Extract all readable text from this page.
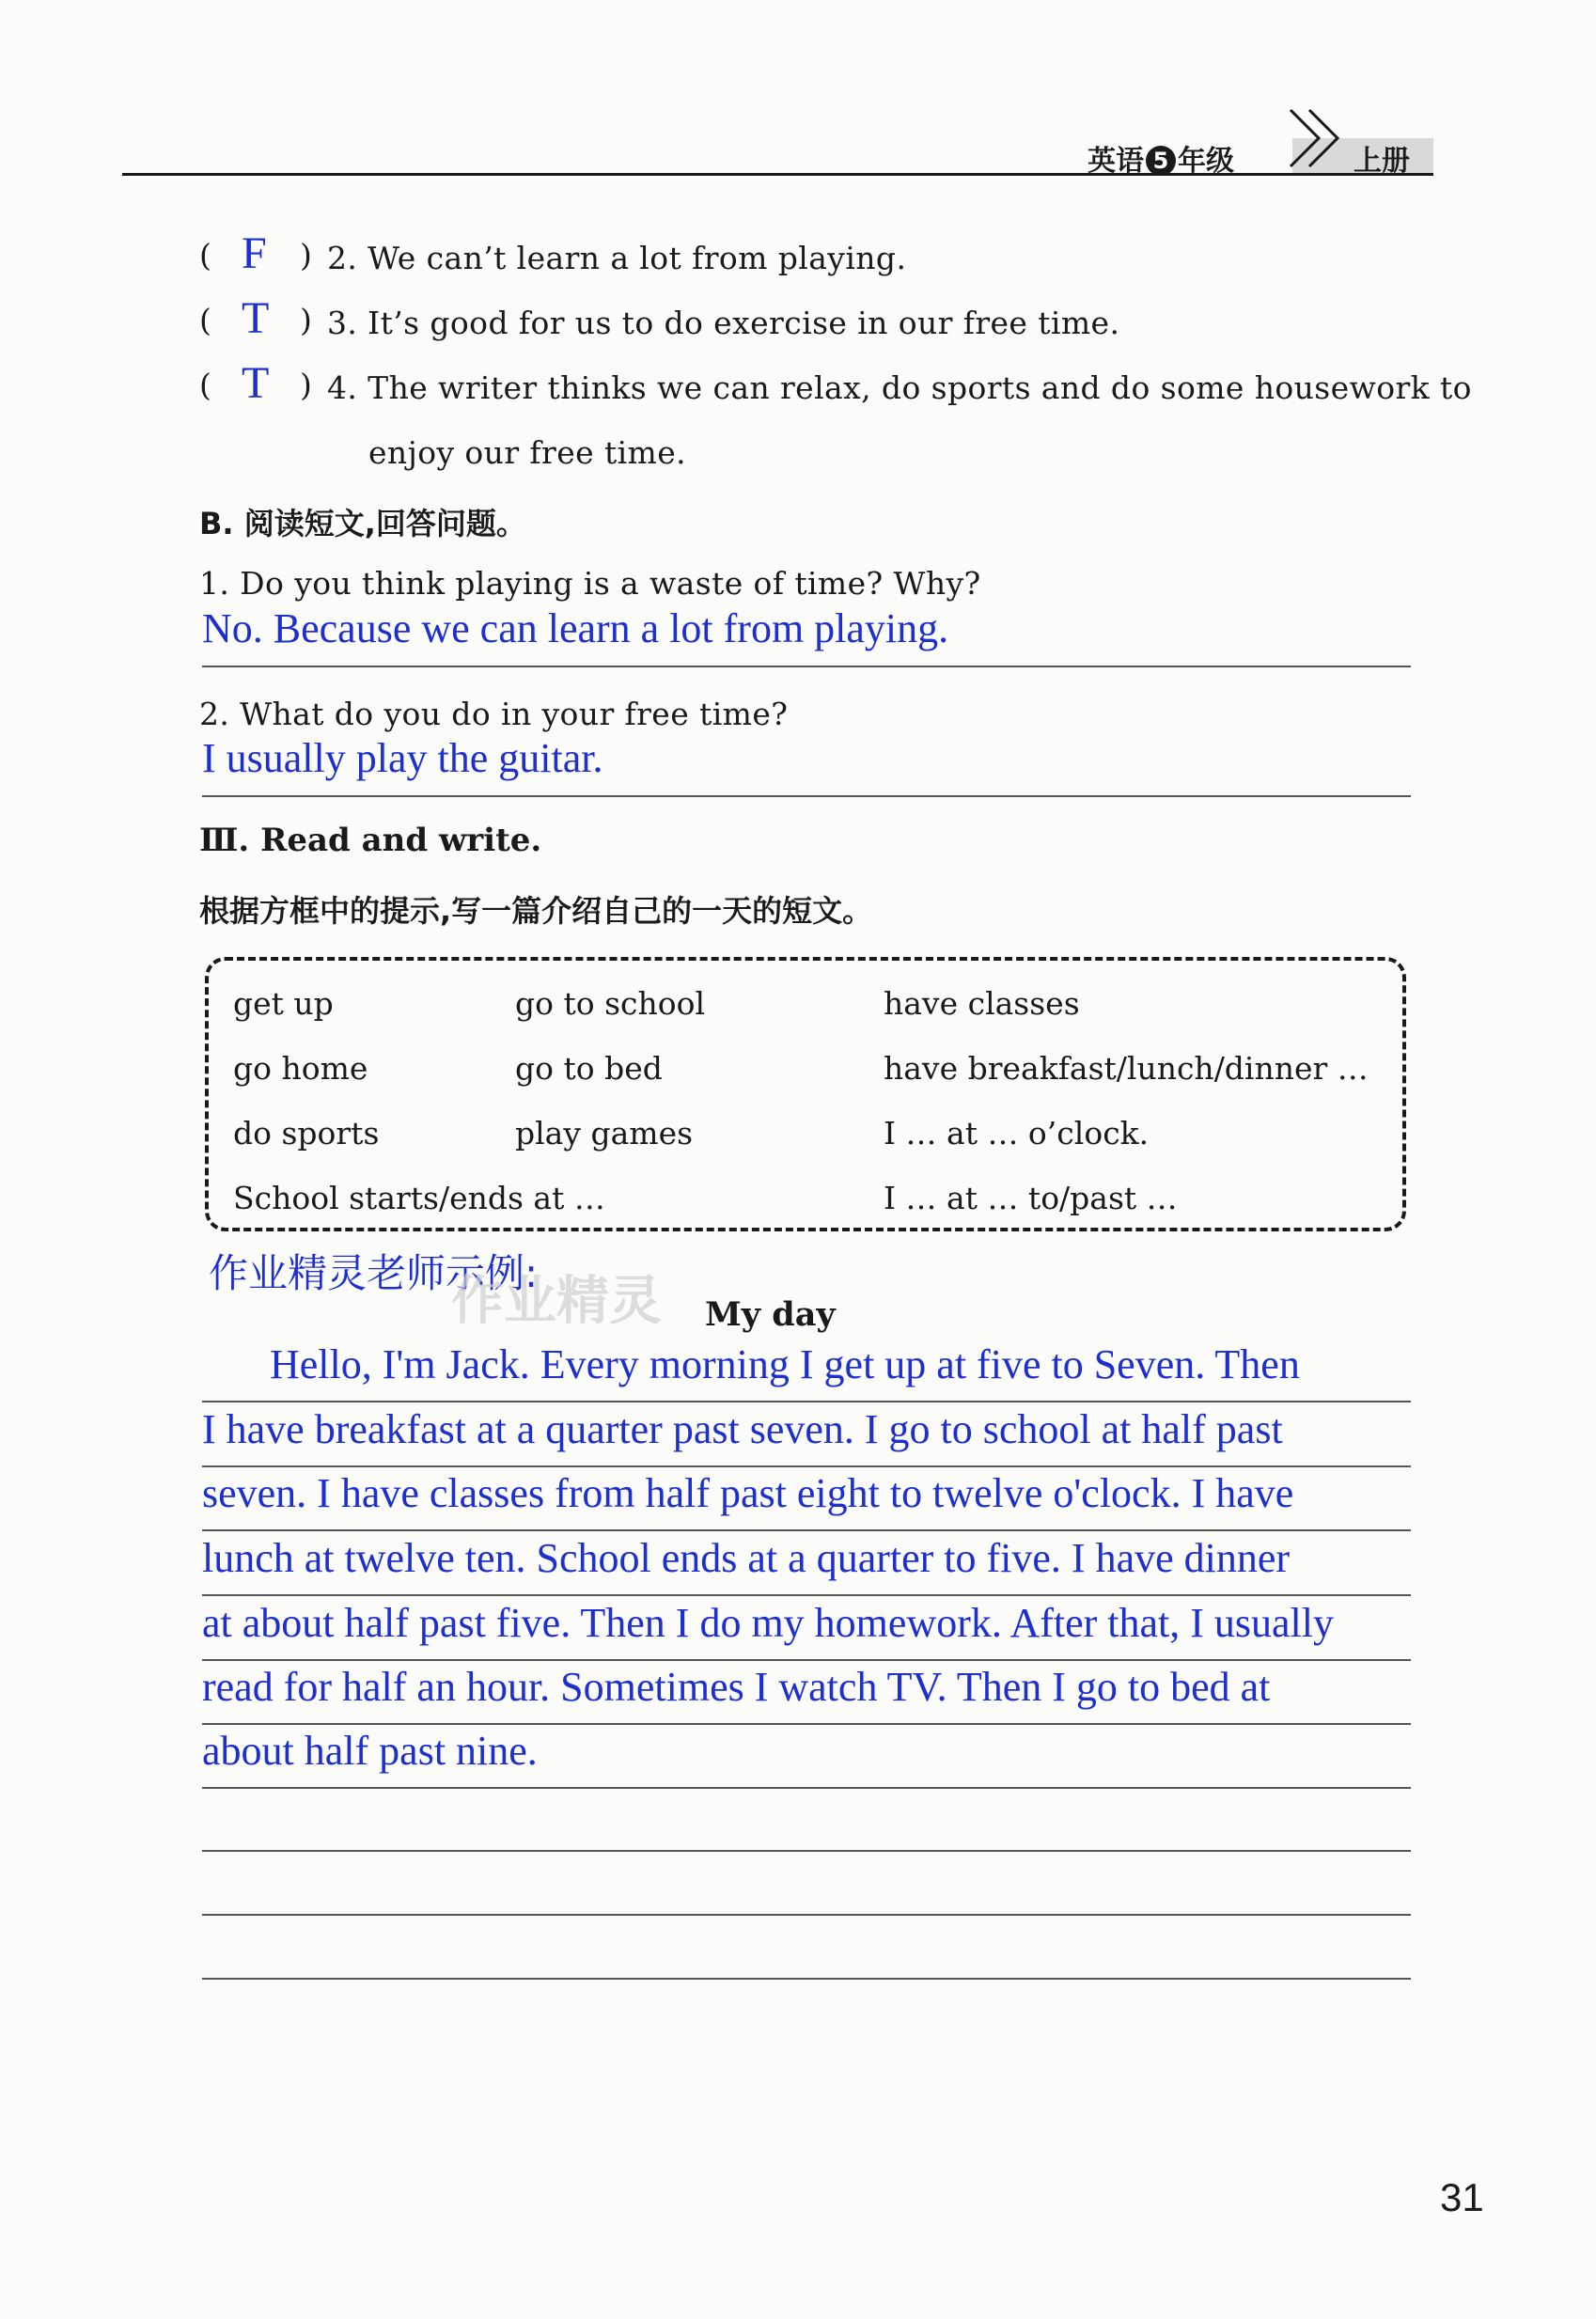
英语 5 年级	上册
( F ) 2. We can’t learn a lot from playing.
( T ) 3. It’s good for us to do exercise in our free time.
( T ) 4. The writer thinks we can relax, do sports and do some housework to
enjoy our free time.
B. 阅读短文,回答问题。
1. Do you think playing is a waste of time? Why?
No. Because we can learn a lot from playing.
2. What do you do in your free time?
I usually play the guitar.
Ⅲ. Read and write.
根据方框中的提示,写一篇介绍自己的一天的短文。
get up	go to school	have classes
go home	go to bed	have breakfast/lunch/dinner …
do sports	play games	I … at … o’clock.
School starts/ends at …	I … at … to/past …
作业精灵老师示例:
作业精灵 My day
Hello, I'm Jack. Every morning I get up at five to Seven. Then
I have breakfast at a quarter past seven. I go to school at half past
seven. I have classes from half past eight to twelve o'clock. I have
lunch at twelve ten. School ends at a quarter to five. I have dinner
at about half past five. Then I do my homework. After that, I usually
read for half an hour. Sometimes I watch TV. Then I go to bed at
about half past nine.
31
